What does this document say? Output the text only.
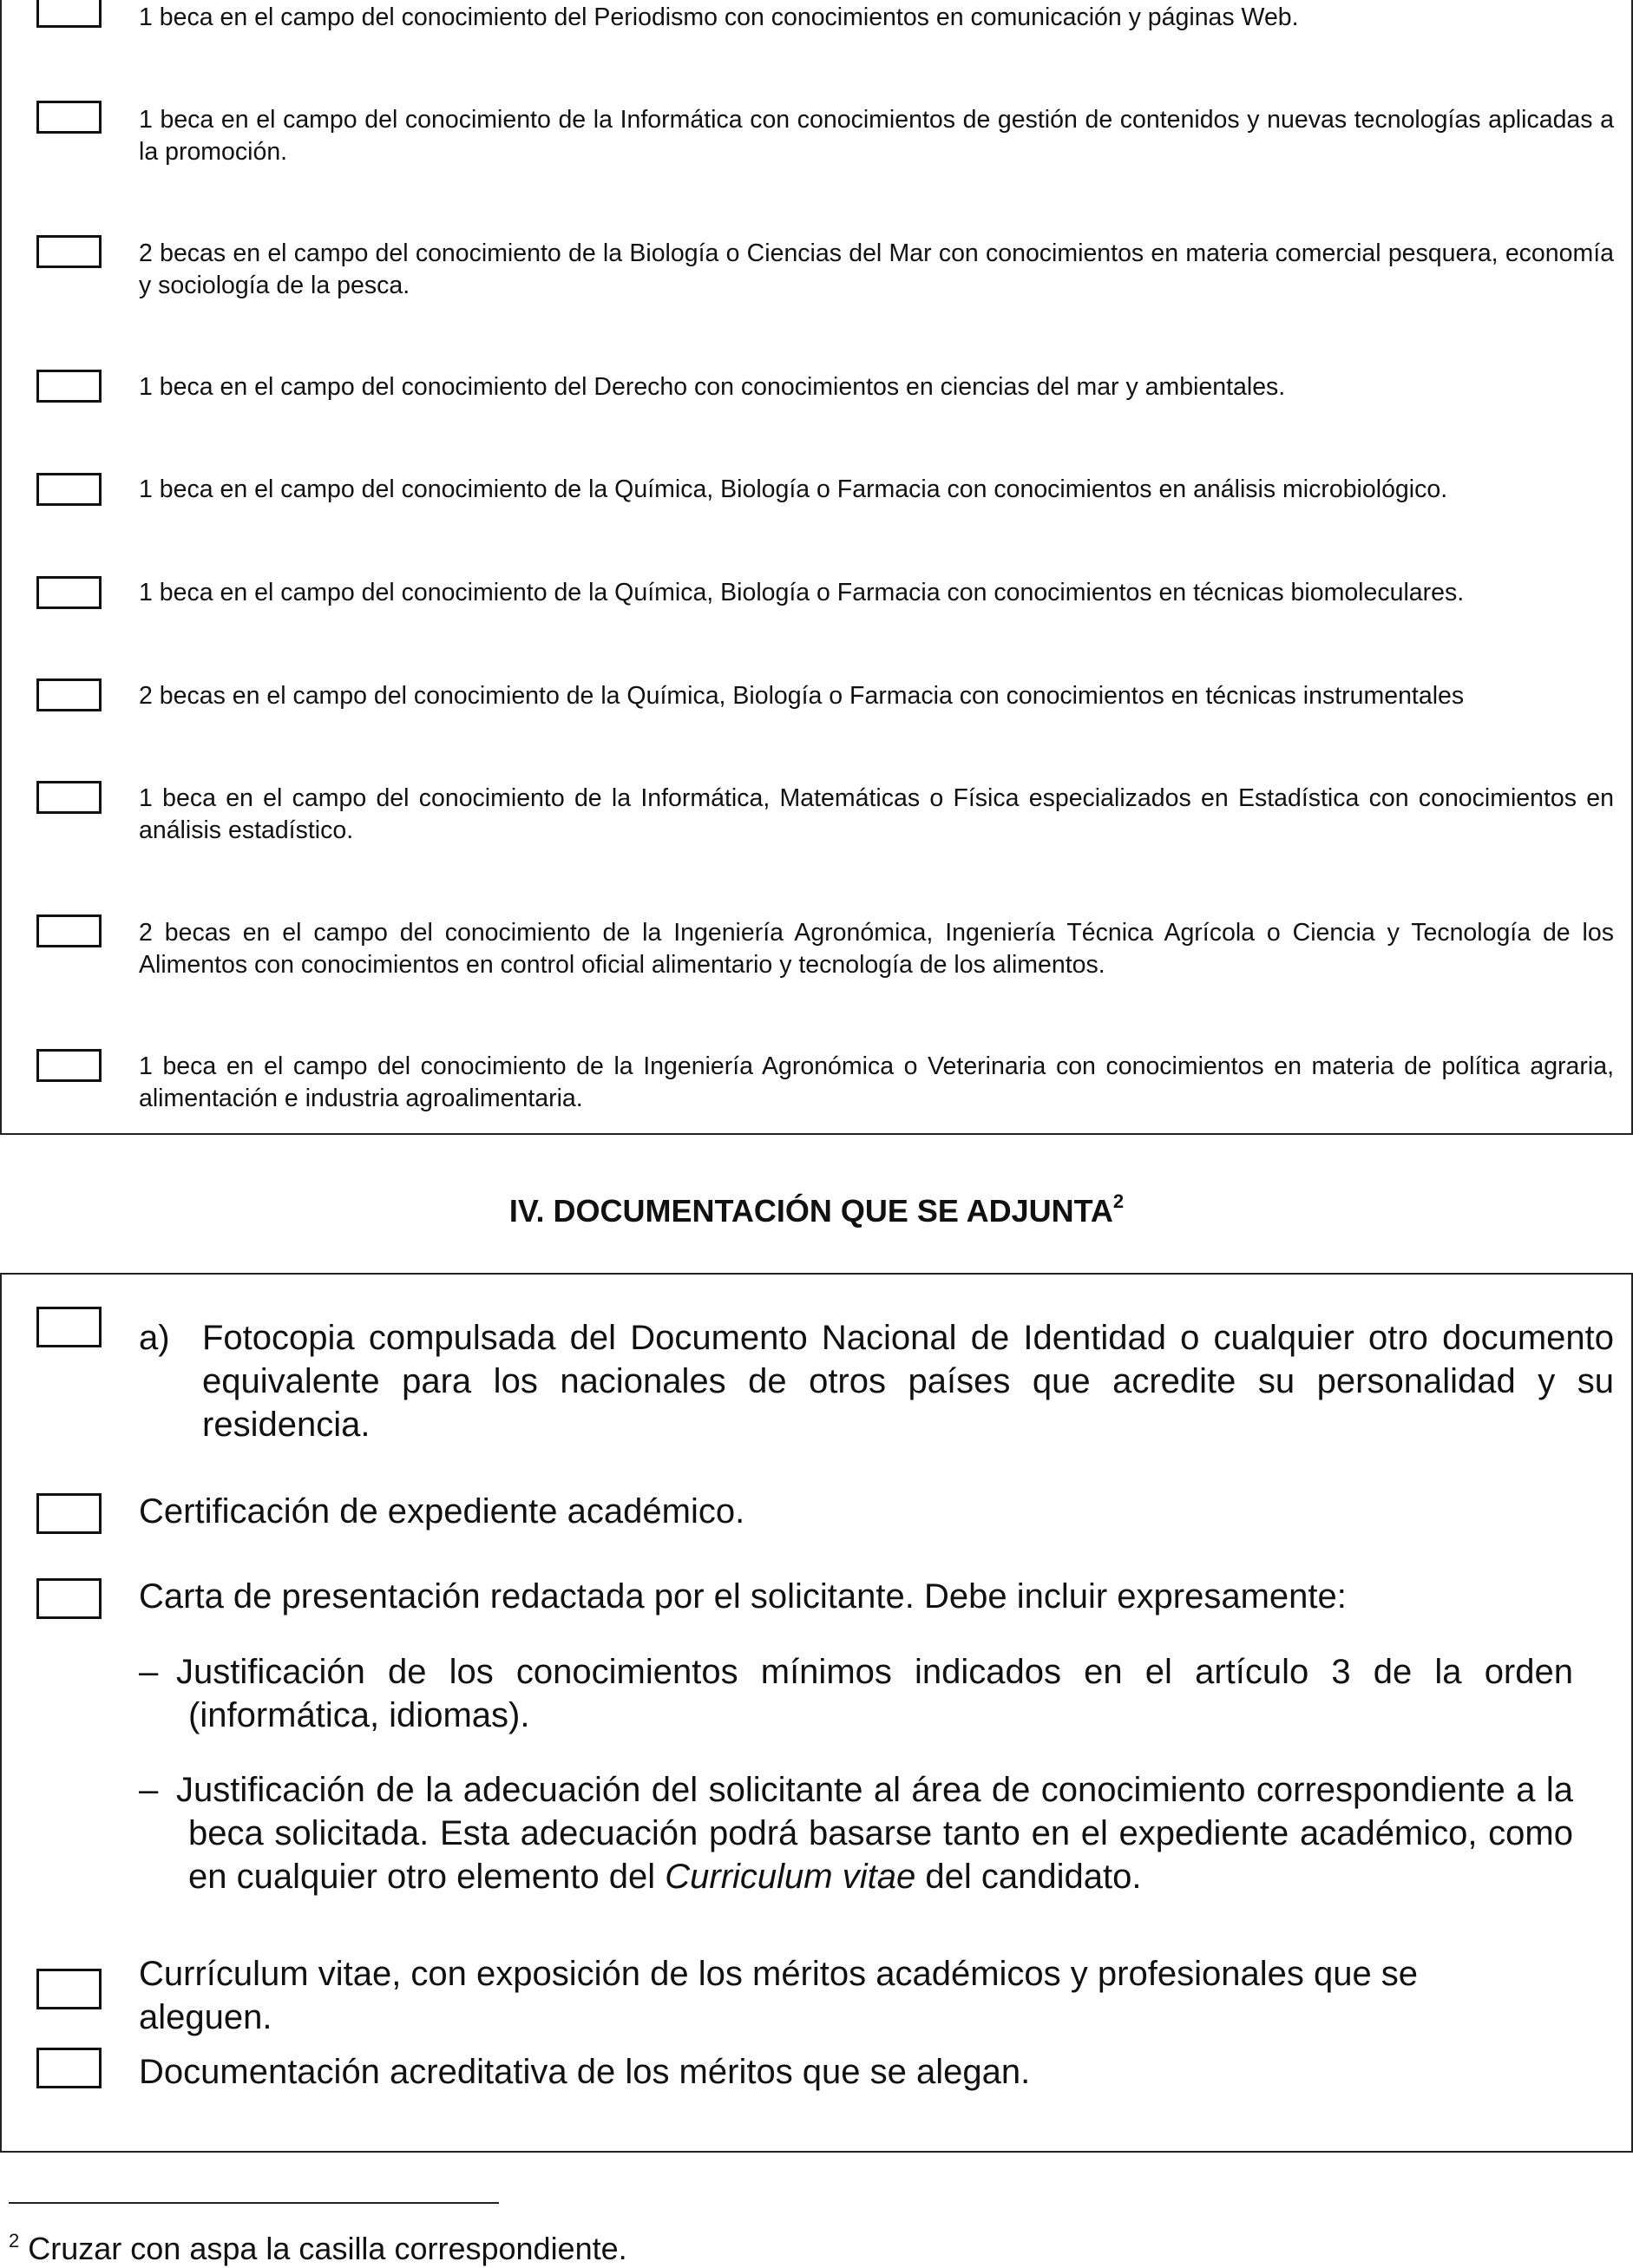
1 beca en el campo del conocimiento del Periodismo con conocimientos en comunicación y páginas Web.
1 beca en el campo del conocimiento de la Informática con conocimientos de gestión de contenidos y nuevas tecnologías aplicadas a la promoción.
2 becas en el campo del conocimiento de la Biología o Ciencias del Mar con conocimientos en materia comercial pesquera, economía y sociología de la pesca.
1 beca en el campo del conocimiento del Derecho con conocimientos en ciencias del mar y ambientales.
1 beca en el campo del conocimiento de la Química, Biología o Farmacia con conocimientos en análisis microbiológico.
1 beca en el campo del conocimiento de la Química, Biología o Farmacia con conocimientos en técnicas biomoleculares.
2 becas en el campo del conocimiento de la Química, Biología o Farmacia con conocimientos en técnicas instrumentales
1 beca en el campo del conocimiento de la Informática, Matemáticas o Física especializados en Estadística con conocimientos en análisis estadístico.
2 becas en el campo del conocimiento de la Ingeniería Agronómica, Ingeniería Técnica Agrícola o Ciencia y Tecnología de los Alimentos con conocimientos en control oficial alimentario y tecnología de los alimentos.
1 beca en el campo del conocimiento de la Ingeniería Agronómica o Veterinaria con conocimientos en materia de política agraria, alimentación e industria agroalimentaria.
IV. DOCUMENTACIÓN QUE SE ADJUNTA$^2$
a) Fotocopia compulsada del Documento Nacional de Identidad o cualquier otro documento equivalente para los nacionales de otros países que acredite su personalidad y su residencia.
Certificación de expediente académico.
Carta de presentación redactada por el solicitante. Debe incluir expresamente:
– Justificación de los conocimientos mínimos indicados en el artículo 3 de la orden (informática, idiomas).
– Justificación de la adecuación del solicitante al área de conocimiento correspondiente a la beca solicitada. Esta adecuación podrá basarse tanto en el expediente académico, como en cualquier otro elemento del Curriculum vitae del candidato.
Currículum vitae, con exposición de los méritos académicos y profesionales que se aleguen.
Documentación acreditativa de los méritos que se alegan.
$^2$ Cruzar con aspa la casilla correspondiente.
